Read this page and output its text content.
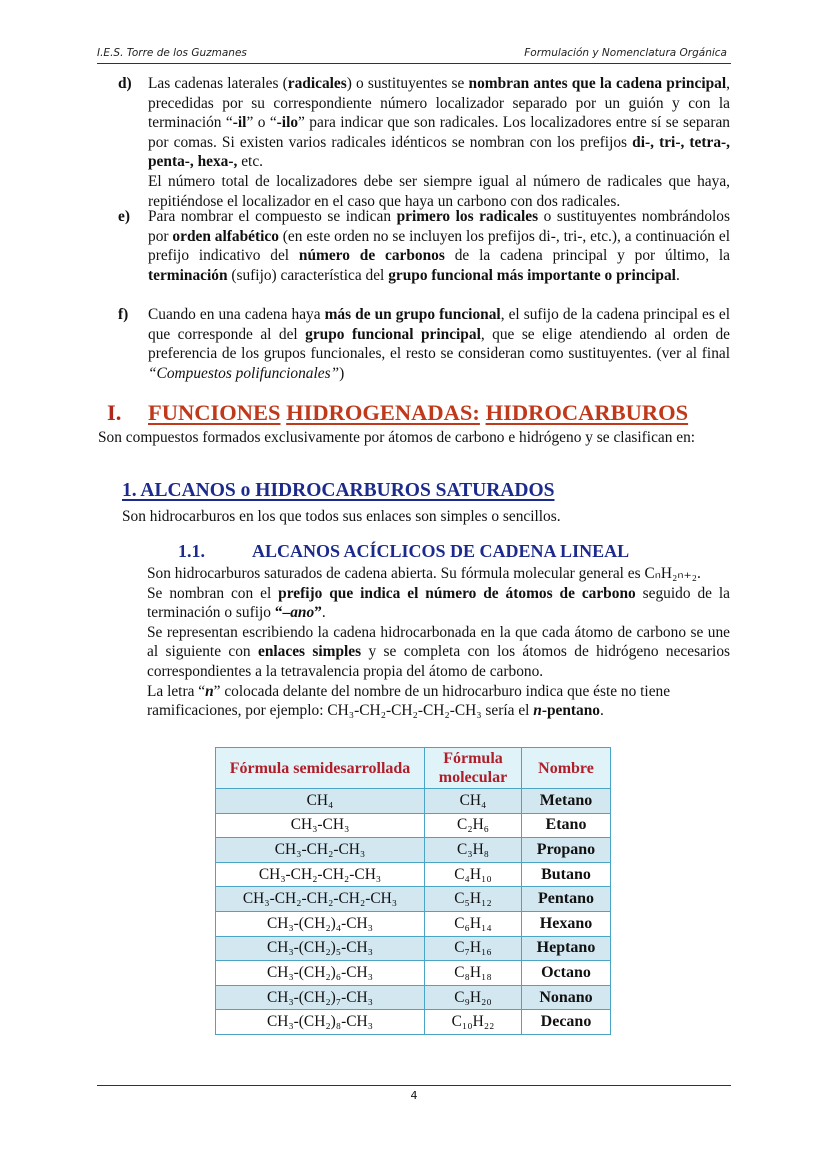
I.E.S. Torre de los Guzmanes	Formulación y Nomenclatura Orgánica
d) Las cadenas laterales (radicales) o sustituyentes se nombran antes que la cadena principal, precedidas por su correspondiente número localizador separado por un guión y con la terminación “-il” o “-ilo” para indicar que son radicales. Los localizadores entre sí se separan por comas. Si existen varios radicales idénticos se nombran con los prefijos di-, tri-, tetra-, penta-, hexa-, etc.

El número total de localizadores debe ser siempre igual al número de radicales que haya, repitiéndose el localizador en el caso que haya un carbono con dos radicales.

e) Para nombrar el compuesto se indican primero los radicales o sustituyentes nombrándolos por orden alfabético (en este orden no se incluyen los prefijos di-, tri-, etc.), a continuación el prefijo indicativo del número de carbonos de la cadena principal y por último, la terminación (sufijo) característica del grupo funcional más importante o principal.

f) Cuando en una cadena haya más de un grupo funcional, el sufijo de la cadena principal es el que corresponde al del grupo funcional principal, que se elige atendiendo al orden de preferencia de los grupos funcionales, el resto se consideran como sustituyentes. (ver al final “Compuestos polifuncionales”)

I. FUNCIONES HIDROGENADAS: HIDROCARBUROS

Son compuestos formados exclusivamente por átomos de carbono e hidrógeno y se clasifican en:

1. ALCANOS o HIDROCARBUROS SATURADOS

Son hidrocarburos en los que todos sus enlaces son simples o sencillos.

1.1.	ALCANOS ACÍCLICOS DE CADENA LINEAL

Son hidrocarburos saturados de cadena abierta. Su fórmula molecular general es CₙH₂ₙ₊₂.

Se nombran con el prefijo que indica el número de átomos de carbono seguido de la terminación o sufijo “–ano”.

Se representan escribiendo la cadena hidrocarbonada en la que cada átomo de carbono se une al siguiente con enlaces simples y se completa con los átomos de hidrógeno necesarios correspondientes a la tetravalencia propia del átomo de carbono.

La letra “n” colocada delante del nombre de un hidrocarburo indica que éste no tiene ramificaciones, por ejemplo: CH₃-CH₂-CH₂-CH₂-CH₃ sería el n-pentano.

Fórmula semidesarrollada	Fórmula molecular	Nombre
CH₄	CH₄	Metano
CH₃-CH₃	C₂H₆	Etano
CH₃-CH₂-CH₃	C₃H₈	Propano
CH₃-CH₂-CH₂-CH₃	C₄H₁₀	Butano
CH₃-CH₂-CH₂-CH₂-CH₃	C₅H₁₂	Pentano
CH₃-(CH₂)₄-CH₃	C₆H₁₄	Hexano
CH₃-(CH₂)₅-CH₃	C₇H₁₆	Heptano
CH₃-(CH₂)₆-CH₃	C₈H₁₈	Octano
CH₃-(CH₂)₇-CH₃	C₉H₂₀	Nonano
CH₃-(CH₂)₈-CH₃	C₁₀H₂₂	Decano
4
